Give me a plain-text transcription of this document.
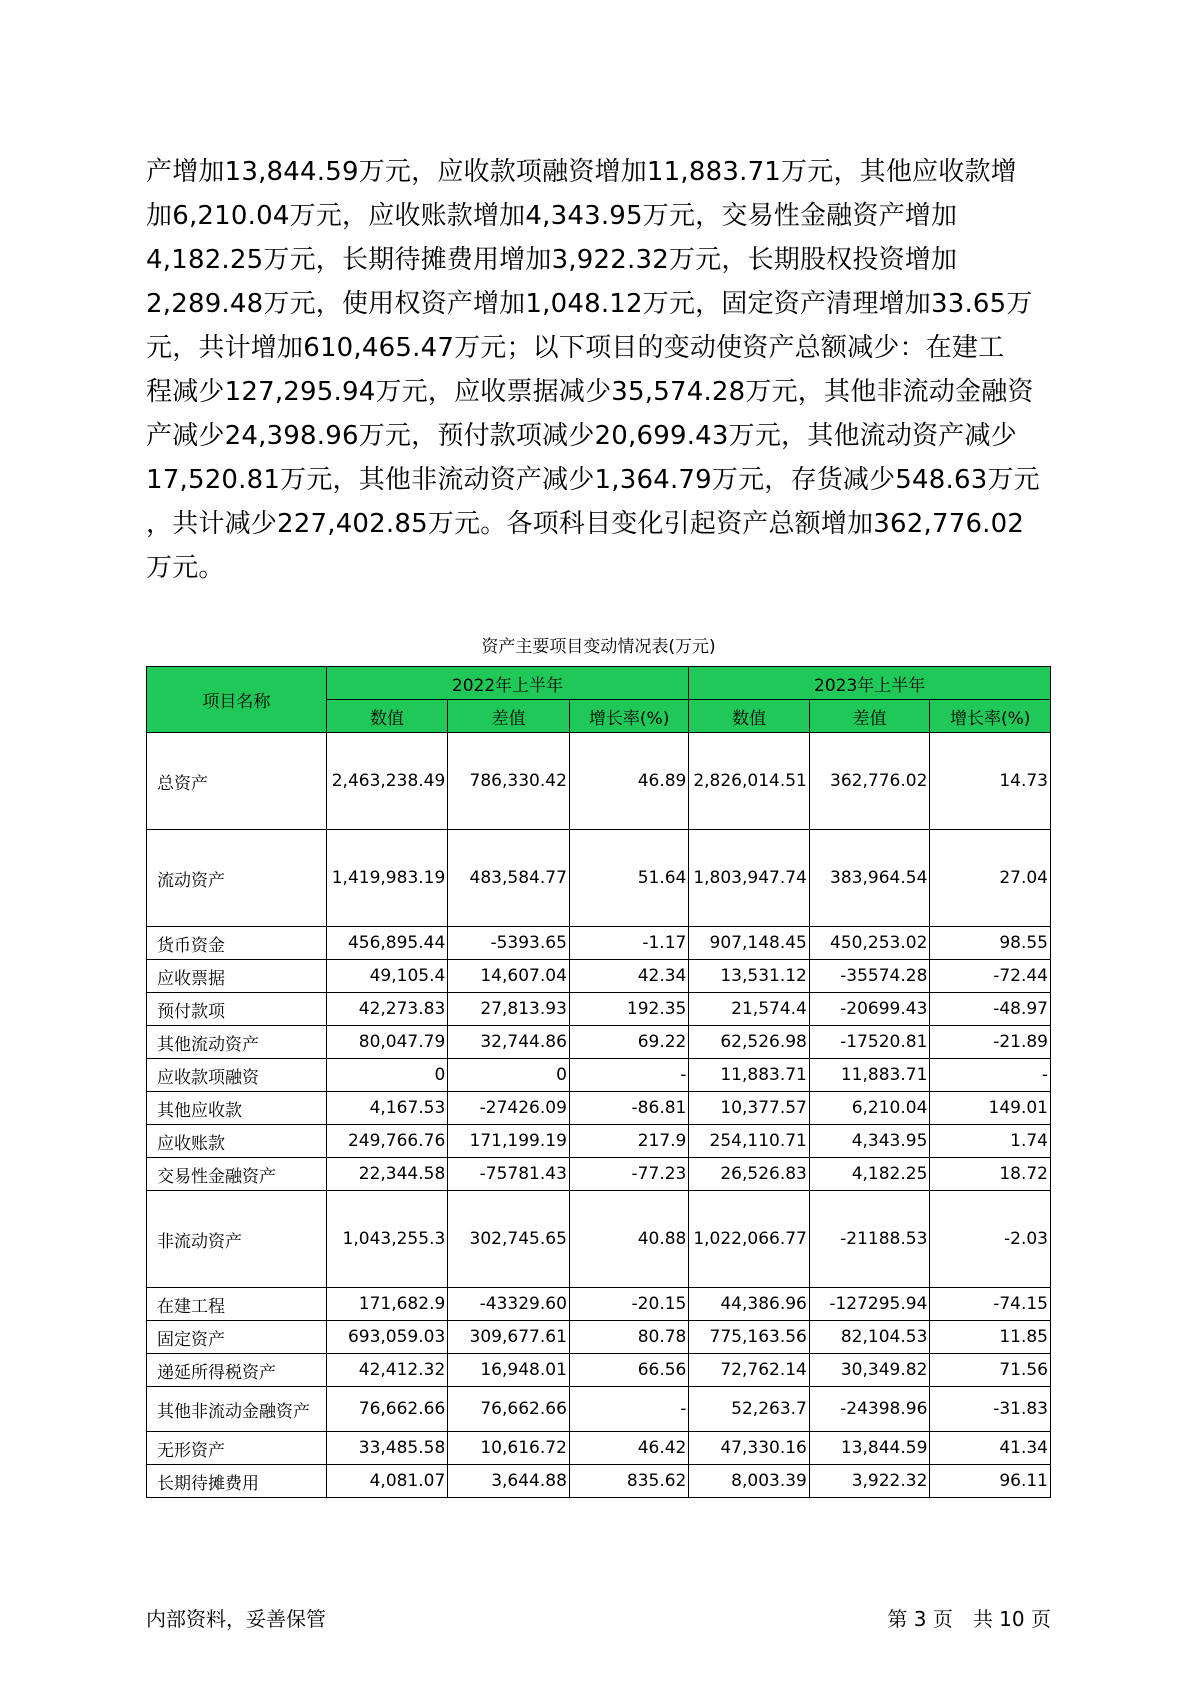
产增加13,844.59万元，应收款项融资增加11,883.71万元，其他应收款增
加6,210.04万元，应收账款增加4,343.95万元，交易性金融资产增加
4,182.25万元，长期待摊费用增加3,922.32万元，长期股权投资增加
2,289.48万元，使用权资产增加1,048.12万元，固定资产清理增加33.65万
元，共计增加610,465.47万元；以下项目的变动使资产总额减少：在建工
程减少127,295.94万元，应收票据减少35,574.28万元，其他非流动金融资
产减少24,398.96万元，预付款项减少20,699.43万元，其他流动资产减少
17,520.81万元，其他非流动资产减少1,364.79万元，存货减少548.63万元
，共计减少227,402.85万元。各项科目变化引起资产总额增加362,776.02
万元。
资产主要项目变动情况表(万元)
项目名称	2022年上半年			2023年上半年		
	数值	差值	增长率(%)	数值	差值	增长率(%)
总资产	2,463,238.49	786,330.42	46.89	2,826,014.51	362,776.02	14.73
流动资产	1,419,983.19	483,584.77	51.64	1,803,947.74	383,964.54	27.04
货币资金	456,895.44	-5393.65	-1.17	907,148.45	450,253.02	98.55
应收票据	49,105.4	14,607.04	42.34	13,531.12	-35574.28	-72.44
预付款项	42,273.83	27,813.93	192.35	21,574.4	-20699.43	-48.97
其他流动资产	80,047.79	32,744.86	69.22	62,526.98	-17520.81	-21.89
应收款项融资	0	0	-	11,883.71	11,883.71	-
其他应收款	4,167.53	-27426.09	-86.81	10,377.57	6,210.04	149.01
应收账款	249,766.76	171,199.19	217.9	254,110.71	4,343.95	1.74
交易性金融资产	22,344.58	-75781.43	-77.23	26,526.83	4,182.25	18.72
非流动资产	1,043,255.3	302,745.65	40.88	1,022,066.77	-21188.53	-2.03
在建工程	171,682.9	-43329.60	-20.15	44,386.96	-127295.94	-74.15
固定资产	693,059.03	309,677.61	80.78	775,163.56	82,104.53	11.85
递延所得税资产	42,412.32	16,948.01	66.56	72,762.14	30,349.82	71.56
其他非流动金融资产	76,662.66	76,662.66	-	52,263.7	-24398.96	-31.83
无形资产	33,485.58	10,616.72	46.42	47,330.16	13,844.59	41.34
长期待摊费用	4,081.07	3,644.88	835.62	8,003.39	3,922.32	96.11
内部资料，妥善保管	第 3 页　共 10 页
